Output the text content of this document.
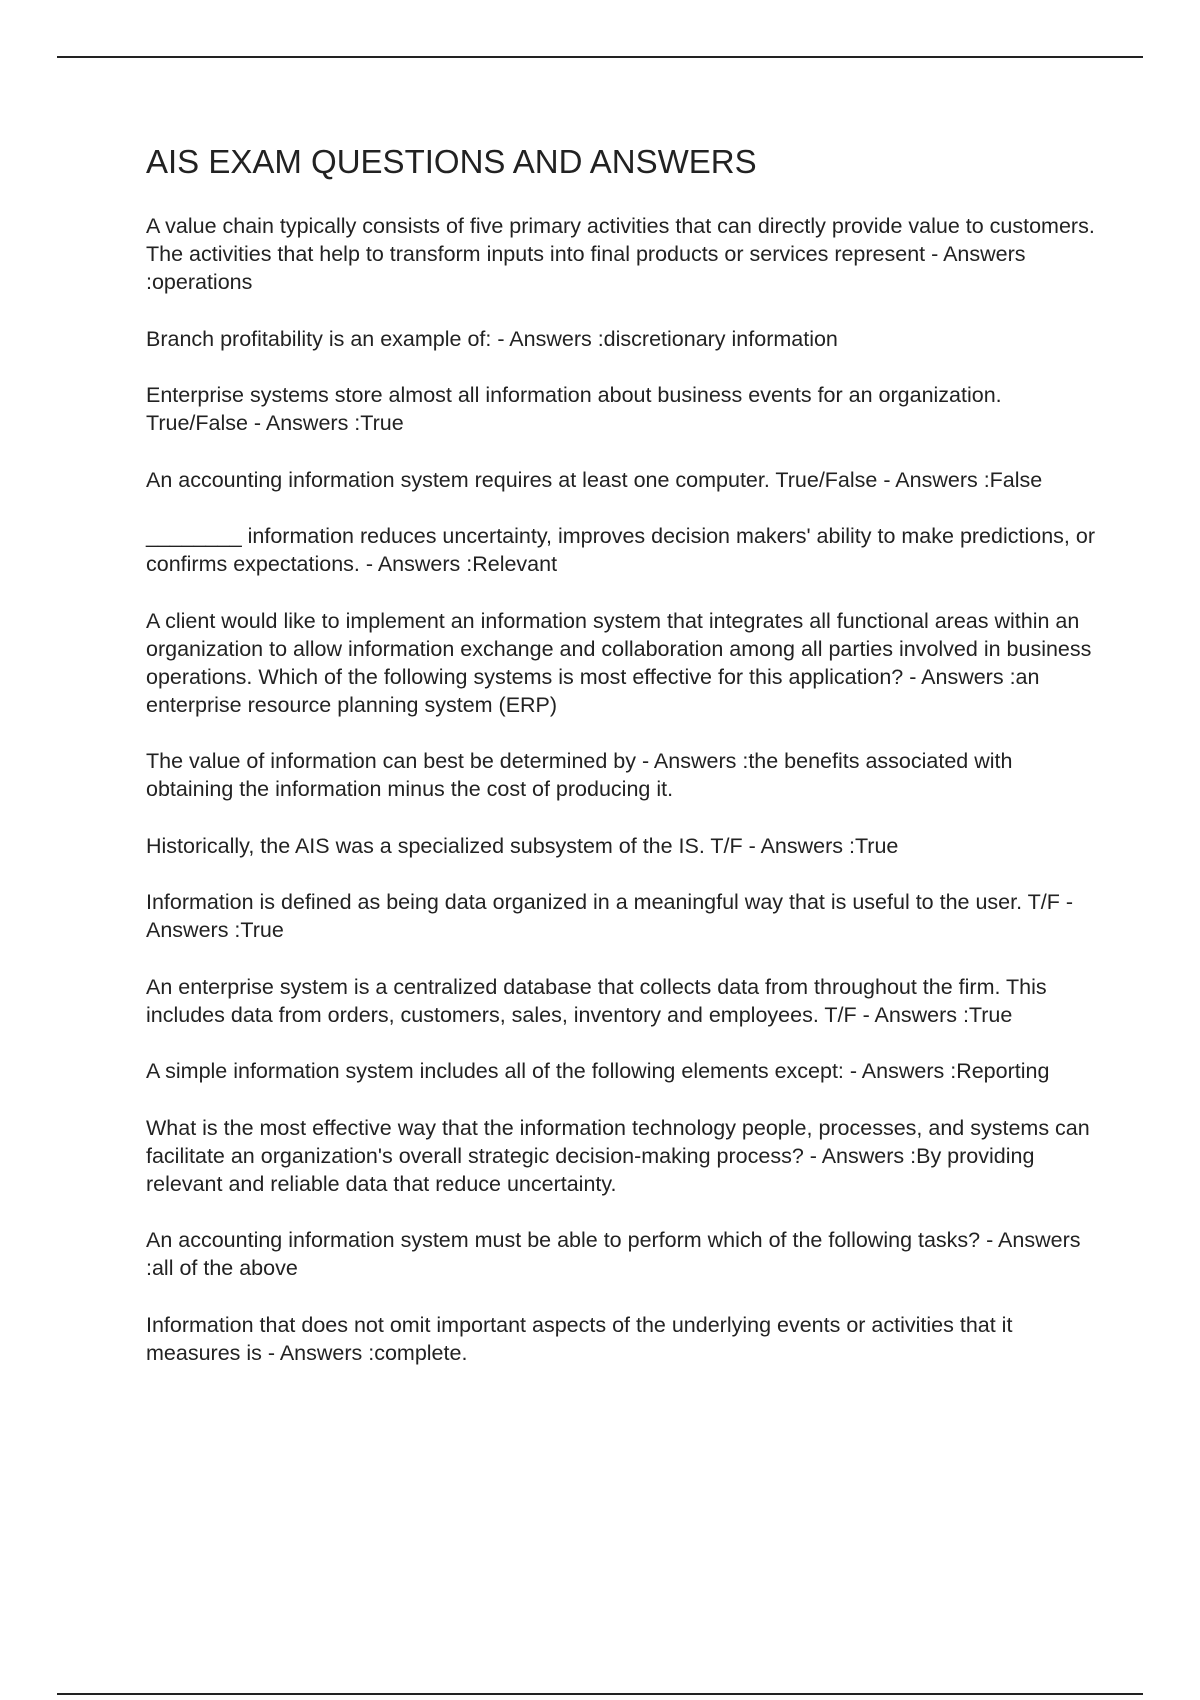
AIS EXAM QUESTIONS AND ANSWERS

A value chain typically consists of five primary activities that can directly provide value to customers. The activities that help to transform inputs into final products or services represent - Answers :operations

Branch profitability is an example of: - Answers :discretionary information

Enterprise systems store almost all information about business events for an organization. True/False - Answers :True

An accounting information system requires at least one computer. True/False - Answers :False

________ information reduces uncertainty, improves decision makers' ability to make predictions, or confirms expectations. - Answers :Relevant

A client would like to implement an information system that integrates all functional areas within an organization to allow information exchange and collaboration among all parties involved in business operations. Which of the following systems is most effective for this application? - Answers :an enterprise resource planning system (ERP)

The value of information can best be determined by - Answers :the benefits associated with obtaining the information minus the cost of producing it.

Historically, the AIS was a specialized subsystem of the IS. T/F - Answers :True

Information is defined as being data organized in a meaningful way that is useful to the user. T/F - Answers :True

An enterprise system is a centralized database that collects data from throughout the firm. This includes data from orders, customers, sales, inventory and employees. T/F - Answers :True

A simple information system includes all of the following elements except: - Answers :Reporting

What is the most effective way that the information technology people, processes, and systems can facilitate an organization's overall strategic decision-making process? - Answers :By providing relevant and reliable data that reduce uncertainty.

An accounting information system must be able to perform which of the following tasks? - Answers :all of the above

Information that does not omit important aspects of the underlying events or activities that it measures is - Answers :complete.
